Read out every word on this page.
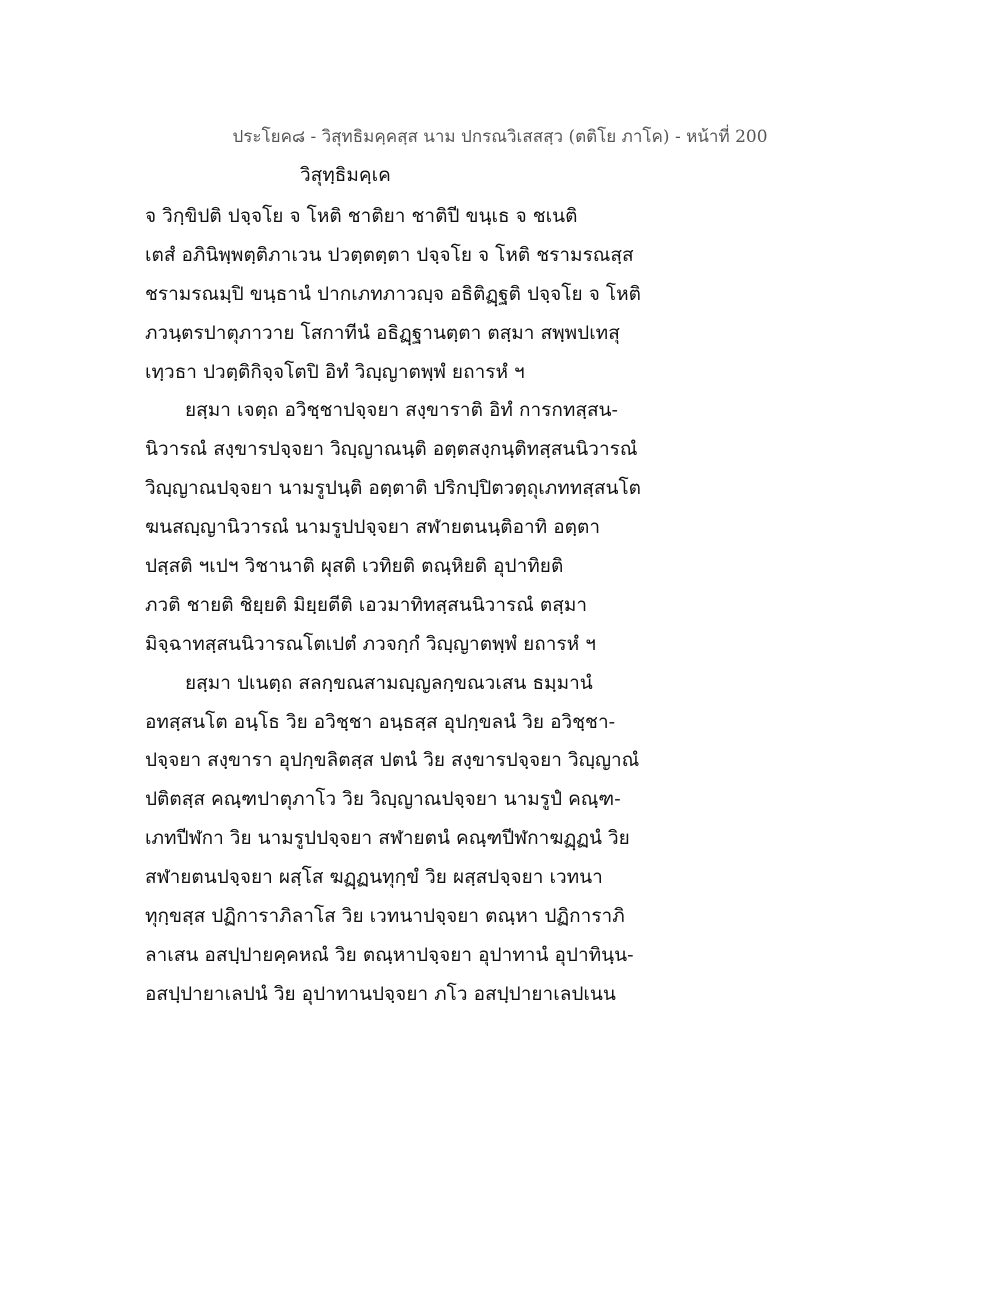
ประโยค๘ - วิสุทธิมคฺคสฺส นาม ปกรณวิเสสสฺว (ตติโย ภาโค) - หน้าที่ 200
วิสุทฺธิมคฺเค
จ วิกฺขิปติ ปจฺจโย จ โหติ ชาติยา ชาติปี ขนฺเธ จ ชเนติ
เตสํ อภินิพฺพตฺติภาเวน ปวตฺตตฺตา ปจฺจโย จ โหติ ชรามรณสฺส
ชรามรณมฺปิ ขนฺธานํ ปากเภทภาวญฺจ อธิติฏฺฐติ ปจฺจโย จ โหติ
ภวนฺตรปาตุภาวาย โสกาทีนํ อธิฏฺฐานตฺตา ตสฺมา สพฺพปเทสุ
เทฺวธา ปวตฺติกิจฺจโตปิ อิทํ วิญฺญาตพฺพํ ยถารหํ ฯ
ยสฺมา เจตฺถ อวิชฺชาปจฺจยา สงฺขาราติ อิทํ การกทสฺสน-
นิวารณํ สงฺขารปจฺจยา วิญฺญาณนฺติ อตฺตสงฺกนฺติทสฺสนนิวารณํ
วิญฺญาณปจฺจยา นามรูปนฺติ อตฺตาติ ปริกปฺปิตวตฺถุเภททสฺสนโต
ฆนสญฺญานิวารณํ นามรูปปจฺจยา สฬายตนนฺติอาทิ อตฺตา
ปสฺสติ ฯเปฯ วิชานาติ ผุสติ เวทิยติ ตณฺหิยติ อุปาทิยติ
ภวติ ชายติ ชิยฺยติ มิยฺยตีติ เอวมาทิทสฺสนนิวารณํ ตสฺมา
มิจฺฉาทสฺสนนิวารณโตเปตํ ภวจกฺกํ วิญฺญาตพฺพํ ยถารหํ ฯ
ยสฺมา ปเนตฺถ สลกฺขณสามญฺญลกฺขณวเสน ธมฺมานํ
อทสฺสนโต อนฺโธ วิย อวิชฺชา อนฺธสฺส อุปกฺขลนํ วิย อวิชฺชา-
ปจฺจยา สงฺขารา อุปกฺขลิตสฺส ปตนํ วิย สงฺขารปจฺจยา วิญฺญาณํ
ปติตสฺส คณฺฑปาตุภาโว วิย วิญฺญาณปจฺจยา นามรูปํ คณฺฑ-
เภทปีฬกา วิย นามรูปปจฺจยา สฬายตนํ คณฺฑปีฬกาฆฏฺฏนํ วิย
สฬายตนปจฺจยา ผสฺโส ฆฏฺฏนทุกฺขํ วิย ผสฺสปจฺจยา เวทนา
ทุกฺขสฺส ปฏิการาภิลาโส วิย เวทนาปจฺจยา ตณฺหา ปฏิการาภิ
ลาเสน อสปฺปายคฺคหณํ วิย ตณฺหาปจฺจยา อุปาทานํ อุปาทินฺน-
อสปฺปายาเลปนํ วิย อุปาทานปจฺจยา ภโว อสปฺปายาเลปเนน
